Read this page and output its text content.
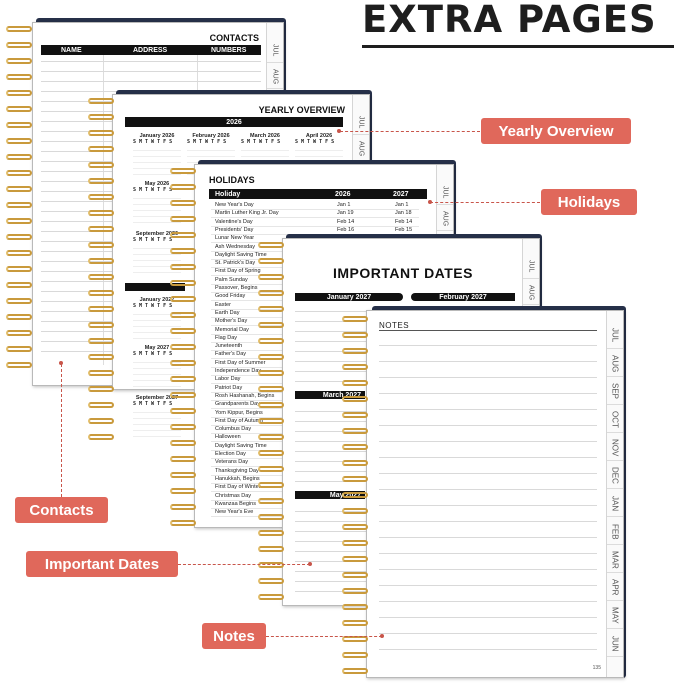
EXTRA PAGES
CONTACTS
NAME	ADDRESS	NUMBERS	JUL
AUG
YEARLY OVERVIEW
2026	JUL
AUG
January 2026
S M T W T F S
February 2026
S M T W T F S
March 2026
S M T W T F S
April 2026
S M T W T F S
May 2026
S M T W T F S
September 2026
S M T W T F S
January 2027
S M T W T F S
May 2027
S M T W T F S
September 2027
S M T W T F S
HOLIDAYS
Holiday	2026	2027
New Year's Day	Jan 1	Jan 1
Martin Luther King Jr. Day	Jan 19	Jan 18
Valentine's Day	Feb 14	Feb 14
Presidents' Day	Feb 16	Feb 15
Lunar New Year
Ash Wednesday
Daylight Saving Time
St. Patrick's Day
First Day of Spring
Palm Sunday
Passover, Begins
Good Friday
Easter
Earth Day
Mother's Day
Memorial Day
Flag Day
Juneteenth
Father's Day
First Day of Summer
Independence Day
Labor Day
Patriot Day
Rosh Hashanah, Begins
Grandparents Day
Yom Kippur, Begins
First Day of Autumn
Columbus Day
Halloween
Daylight Saving Time
Election Day
Veterans Day
Thanksgiving Day
Hanukkah, Begins
First Day of Winter
Christmas Day
Kwanzaa Begins
New Year's Eve
JUL
AUG
IMPORTANT DATES
January 2027	February 2027
March 2027
May 2027
JUL
AUG
NOTES
135
JUL
AUG
SEP
OCT
NOV
DEC
JAN
FEB
MAR
APR
MAY
JUN
Yearly Overview
Holidays
Contacts
Important Dates
Notes
